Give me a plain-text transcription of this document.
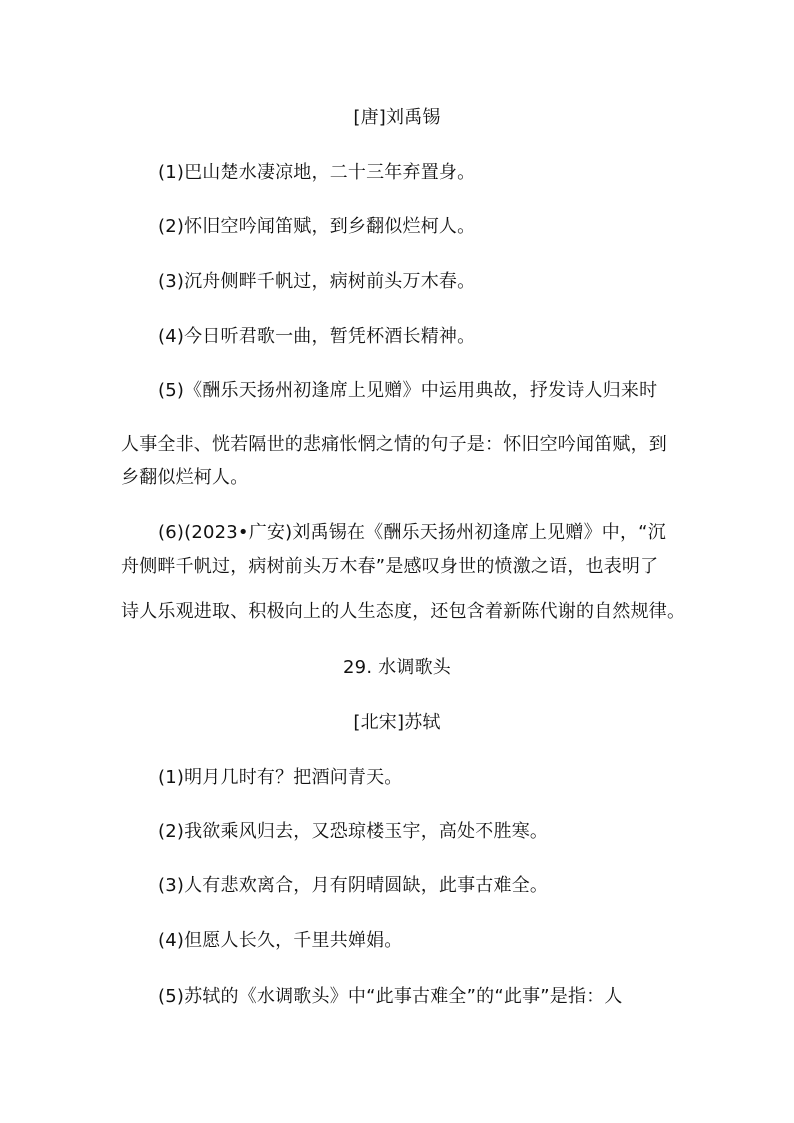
[唐]刘禹锡
(1)巴山楚水凄凉地，二十三年弃置身。
(2)怀旧空吟闻笛赋，到乡翻似烂柯人。
(3)沉舟侧畔千帆过，病树前头万木春。
(4)今日听君歌一曲，暂凭杯酒长精神。
(5)《酬乐天扬州初逢席上见赠》中运用典故，抒发诗人归来时
人事全非、恍若隔世的悲痛怅惘之情的句子是：怀旧空吟闻笛赋，到
乡翻似烂柯人。
(6)(2023•广安)刘禹锡在《酬乐天扬州初逢席上见赠》中，“沉
舟侧畔千帆过，病树前头万木春”是感叹身世的愤激之语，也表明了
诗人乐观进取、积极向上的人生态度，还包含着新陈代谢的自然规律。
29. 水调歌头
[北宋]苏轼
(1)明月几时有？把酒问青天。
(2)我欲乘风归去，又恐琼楼玉宇，高处不胜寒。
(3)人有悲欢离合，月有阴晴圆缺，此事古难全。
(4)但愿人长久，千里共婵娟。
(5)苏轼的《水调歌头》中“此事古难全”的“此事”是指：人
